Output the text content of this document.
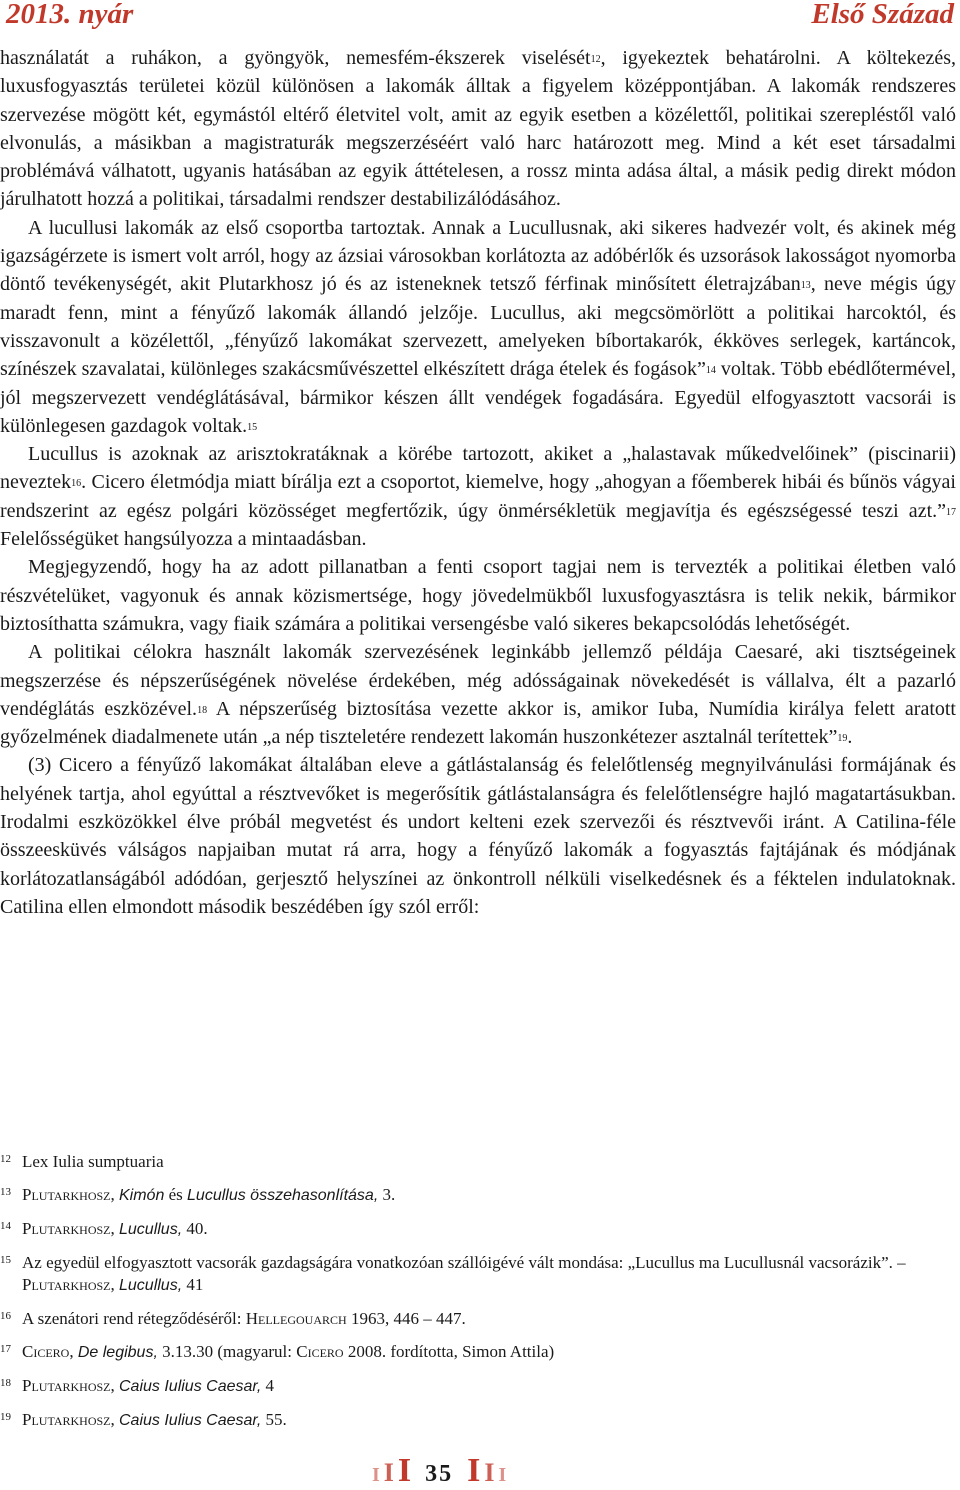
2013. nyár	Első Század

használatát a ruhákon, a gyöngyök, nemesfém-ékszerek viselését$^{12}$, igyekeztek behatárolni. A költekezés, luxusfogyasztás területei közül különösen a lakomák álltak a figyelem középpontjában. A lakomák rendszeres szervezése mögött két, egymástól eltérő életvitel volt, amit az egyik esetben a közélettől, politikai szerepléstől való elvonulás, a másikban a magistraturák megszerzéséért való harc határozott meg. Mind a két eset társadalmi problémává válhatott, ugyanis hatásában az egyik áttételesen, a rossz minta adása által, a másik pedig direkt módon járulhatott hozzá a politikai, társadalmi rendszer destabilizálódásához.

A lucullusi lakomák az első csoportba tartoztak. Annak a Lucullusnak, aki sikeres hadvezér volt, és akinek még igazságérzete is ismert volt arról, hogy az ázsiai városokban korlátozta az adóbérlők és uzsorások lakosságot nyomorba döntő tevékenységét, akit Plutarkhosz jó és az isteneknek tetsző férfinak minősített életrajzában$^{13}$, neve mégis úgy maradt fenn, mint a fényűző lakomák állandó jelzője. Lucullus, aki megcsömörlött a politikai harcoktól, és visszavonult a közélettől, „fényűző lakomákat szervezett, amelyeken bíbortakarók, ékköves serlegek, kartáncok, színészek szavalatai, különleges szakácsművészettel elkészített drága ételek és fogások”$^{14}$ voltak. Több ebédlőtermével, jól megszervezett vendéglátásával, bármikor készen állt vendégek fogadására. Egyedül elfogyasztott vacsorái is különlegesen gazdagok voltak.$^{15}$

Lucullus is azoknak az arisztokratáknak a körébe tartozott, akiket a „halastavak műkedvelőinek” (piscinarii) neveztek$^{16}$. Cicero életmódja miatt bírálja ezt a csoportot, kiemelve, hogy „ahogyan a főemberek hibái és bűnös vágyai rendszerint az egész polgári közösséget megfertőzik, úgy önmérsékletük megjavítja és egészségessé teszi azt.”$^{17}$ Felelősségüket hangsúlyozza a mintaadásban.

Megjegyzendő, hogy ha az adott pillanatban a fenti csoport tagjai nem is tervezték a politikai életben való részvételüket, vagyonuk és annak közismertsége, hogy jövedelmükből luxusfogyasztásra is telik nekik, bármikor biztosíthatta számukra, vagy fiaik számára a politikai versengésbe való sikeres bekapcsolódás lehetőségét.

A politikai célokra használt lakomák szervezésének leginkább jellemző példája Caesaré, aki tisztségeinek megszerzése és népszerűségének növelése érdekében, még adósságainak növekedését is vállalva, élt a pazarló vendéglátás eszközével.$^{18}$ A népszerűség biztosítása vezette akkor is, amikor Iuba, Numídia királya felett aratott győzelmének diadalmenete után „a nép tiszteletére rendezett lakomán huszonkétezer asztalnál terítettek”$^{19}$.

(3) Cicero a fényűző lakomákat általában eleve a gátlástalanság és felelőtlenség megnyilvánulási formájának és helyének tartja, ahol egyúttal a résztvevőket is megerősítik gátlástalanságra és felelőtlenségre hajló magatartásukban. Irodalmi eszközökkel élve próbál megvetést és undort kelteni ezek szervezői és résztvevői iránt. A Catilina-féle összeesküvés válságos napjaiban mutat rá arra, hogy a fényűző lakomák a fogyasztás fajtájának és módjának korlátozatlanságából adódóan, gerjesztő helyszínei az önkontroll nélküli viselkedésnek és a féktelen indulatoknak. Catilina ellen elmondott második beszédében így szól erről:

12 Lex Iulia sumptuaria
13 Plutarkhosz, Kimón és Lucullus összehasonlítása, 3.
14 Plutarkhosz, Lucullus, 40.
15 Az egyedül elfogyasztott vacsorák gazdagságára vonatkozóan szállóigévé vált mondása: „Lucullus ma Lucullusnál vacsorázik”. – Plutarkhosz, Lucullus, 41
16 A szenátori rend rétegződéséről: Hellegouarch 1963, 446 – 447.
17 Cicero, De legibus, 3.13.30 (magyarul: Cicero 2008. fordította, Simon Attila)
18 Plutarkhosz, Caius Iulius Caesar, 4
19 Plutarkhosz, Caius Iulius Caesar, 55.
I I I 35 I I I
